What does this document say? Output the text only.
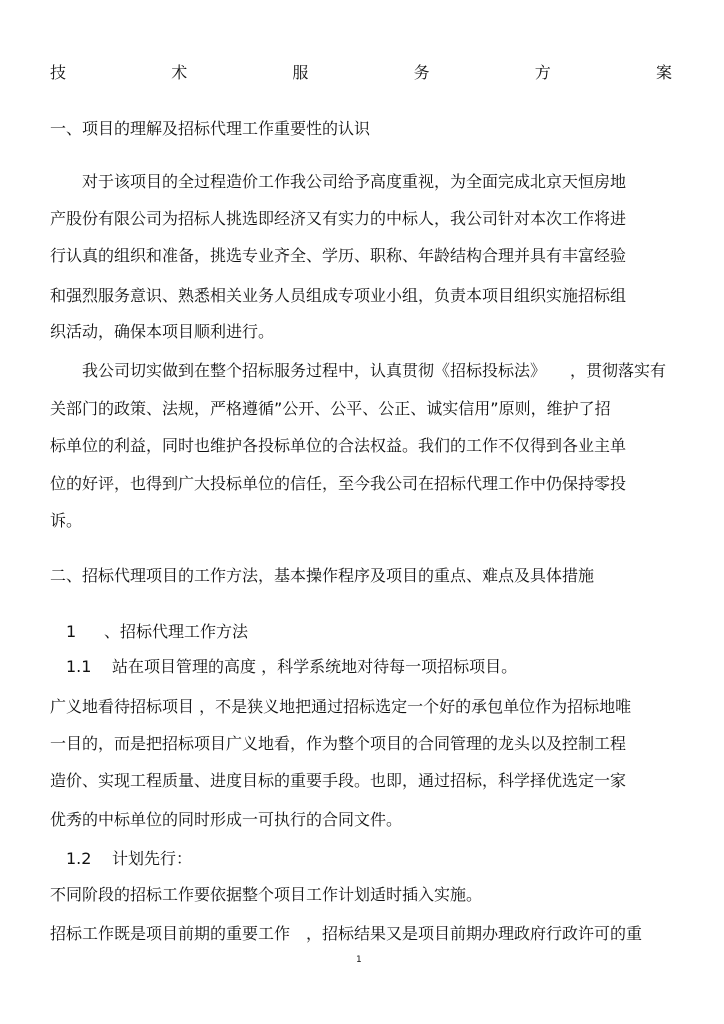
技	术	服	务	方	案

一、项目的理解及招标代理工作重要性的认识

对于该项目的全过程造价工作我公司给予高度重视，为全面完成北京天恒房地

产股份有限公司为招标人挑选即经济又有实力的中标人，我公司针对本次工作将进

行认真的组织和准备，挑选专业齐全、学历、职称、年龄结构合理并具有丰富经验

和强烈服务意识、熟悉相关业务人员组成专项业小组，负责本项目组织实施招标组

织活动，确保本项目顺利进行。

我公司切实做到在整个招标服务过程中，认真贯彻《招标投标法》　　，贯彻落实有

关部门的政策、法规，严格遵循”公开、公平、公正、诚实信用”原则，维护了招

标单位的利益，同时也维护各投标单位的合法权益。我们的工作不仅得到各业主单

位的好评，也得到广大投标单位的信任，至今我公司在招标代理工作中仍保持零投

诉。

二、招标代理项目的工作方法，基本操作程序及项目的重点、难点及具体措施

1 、招标代理工作方法

1.1 站在项目管理的高度 ，科学系统地对待每一项招标项目。

广义地看待招标项目 ，不是狭义地把通过招标选定一个好的承包单位作为招标地唯

一目的，而是把招标项目广义地看，作为整个项目的合同管理的龙头以及控制工程

造价、实现工程质量、进度目标的重要手段。也即，通过招标，科学择优选定一家

优秀的中标单位的同时形成一可执行的合同文件。

1.2 计划先行：

不同阶段的招标工作要依据整个项目工作计划适时插入实施。

招标工作既是项目前期的重要工作　，招标结果又是项目前期办理政府行政许可的重

1
